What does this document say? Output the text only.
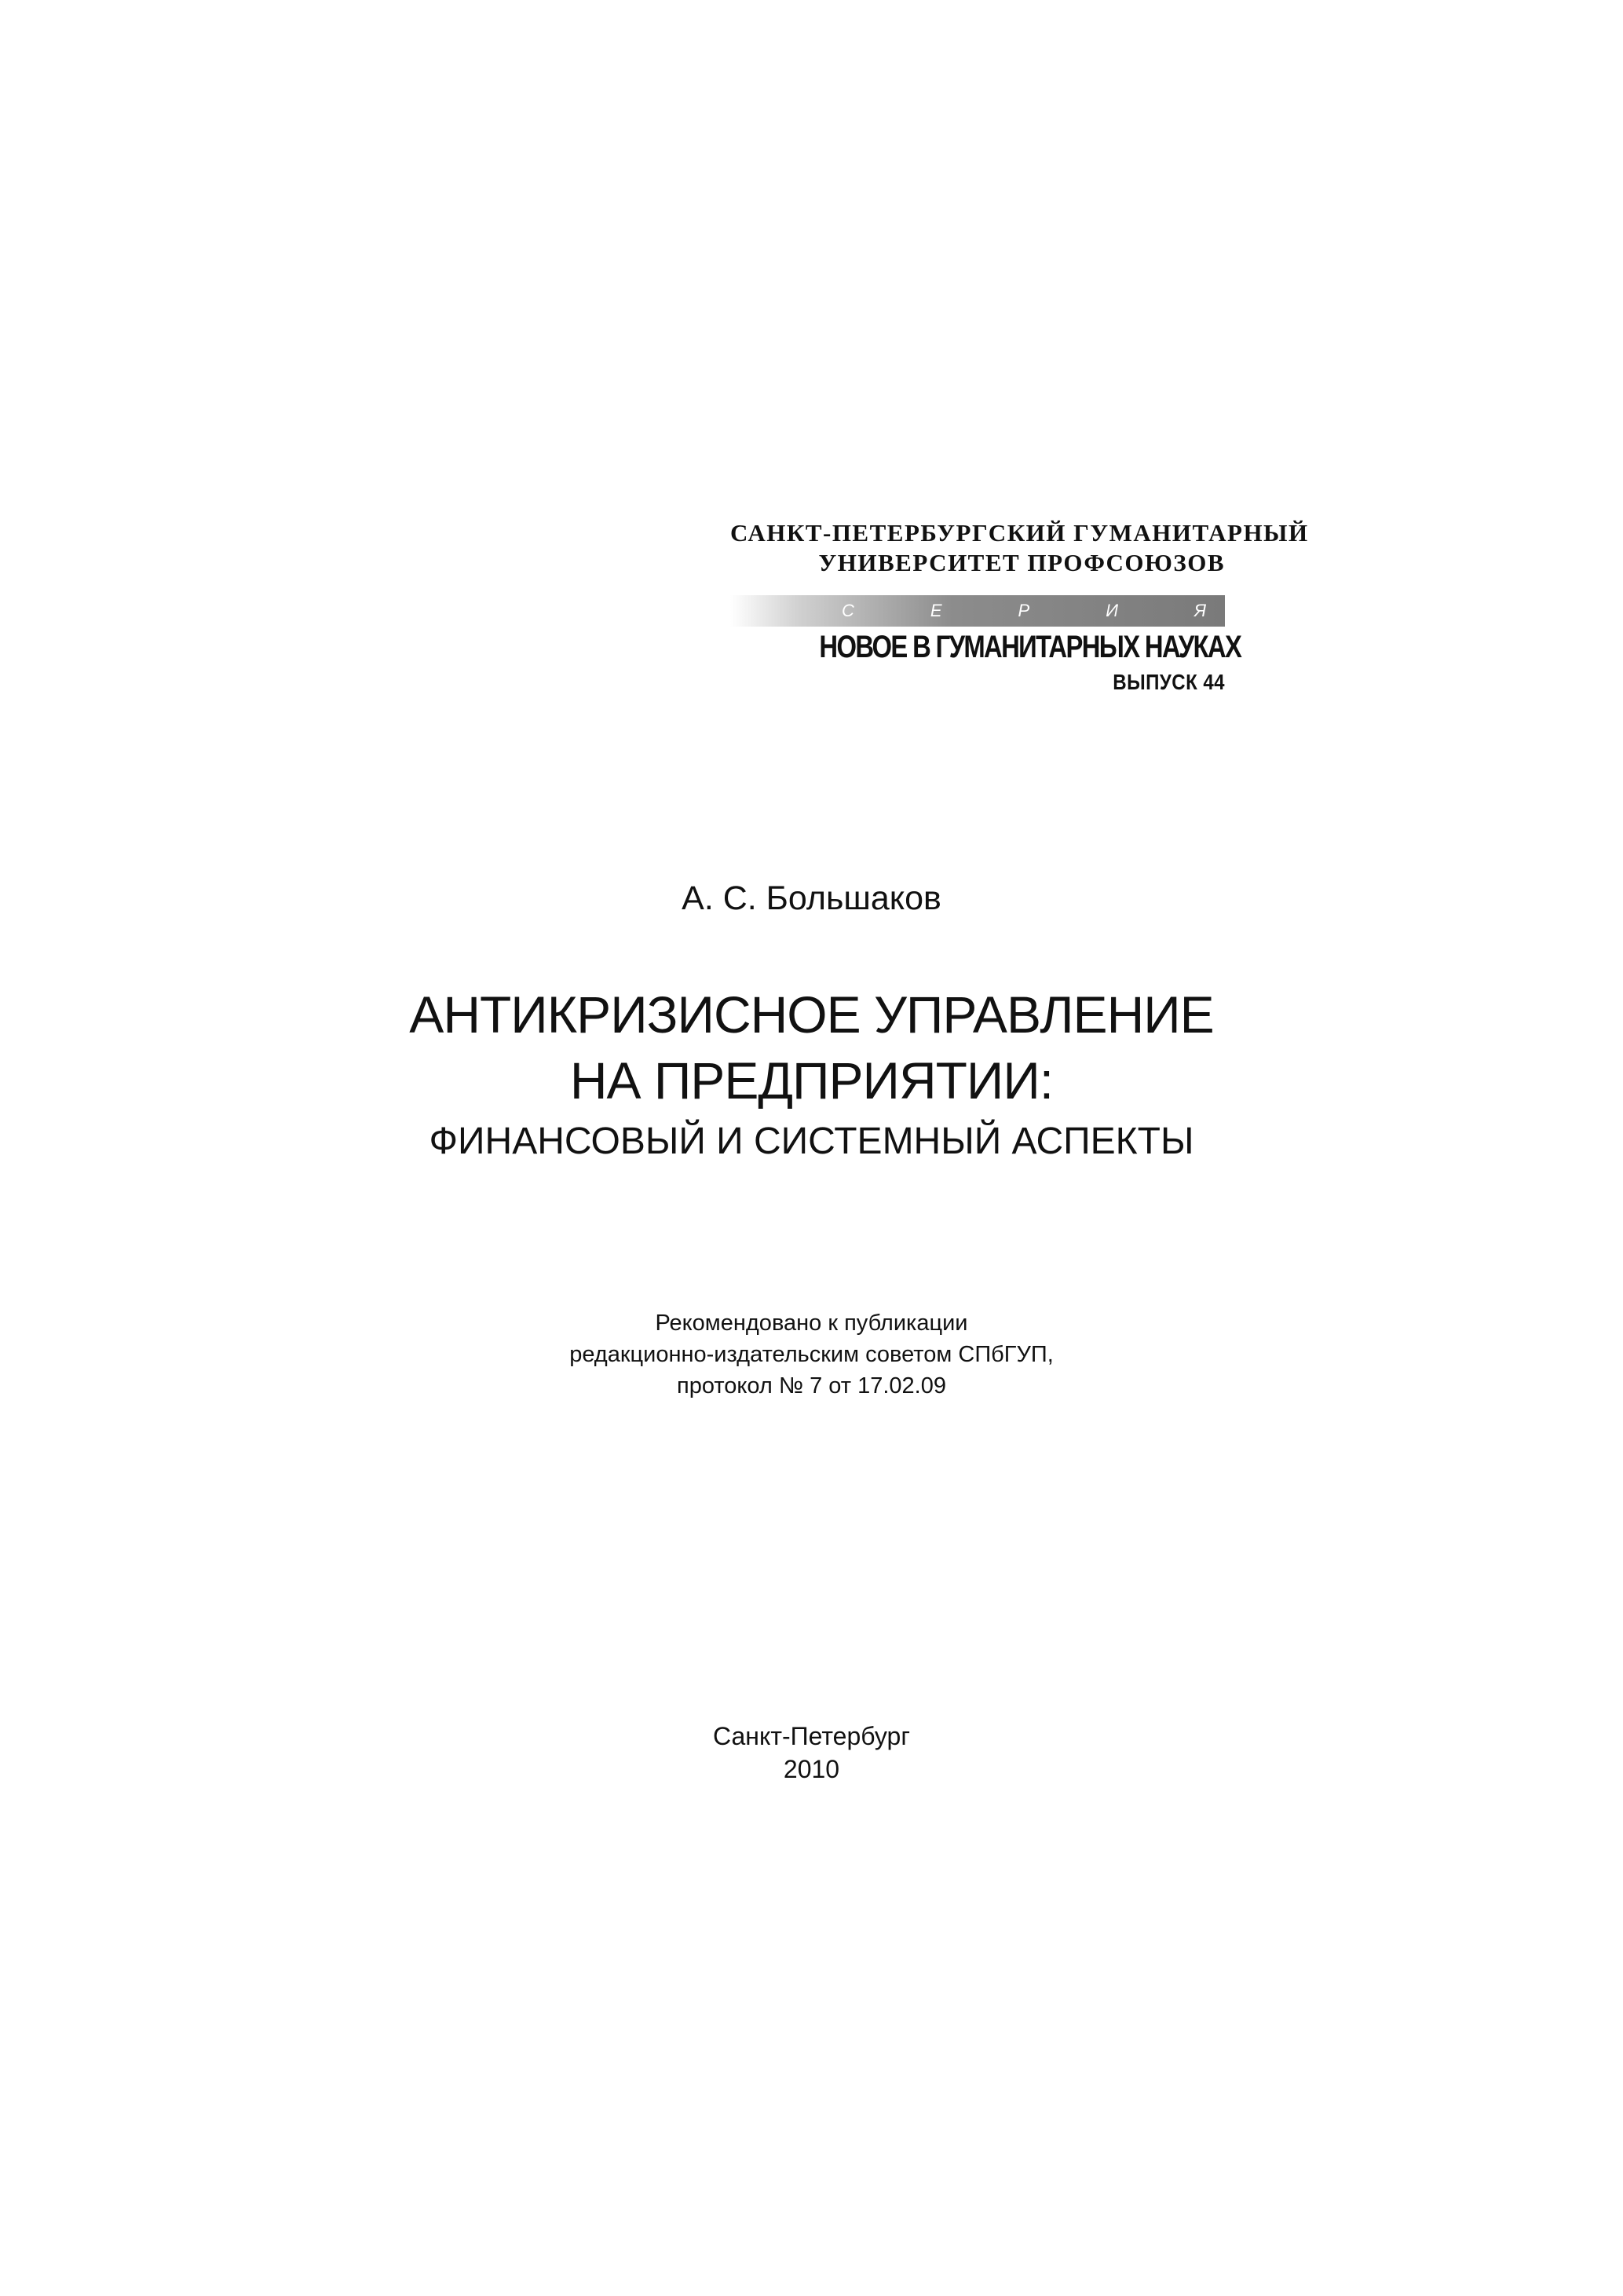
САНКТ-ПЕТЕРБУРГСКИЙ ГУМАНИТАРНЫЙ
УНИВЕРСИТЕТ ПРОФСОЮЗОВ
С	Е	Р	И	Я
НОВОЕ В ГУМАНИТАРНЫХ НАУКАХ
ВЫПУСК 44
А. С. Большаков
АНТИКРИЗИСНОЕ УПРАВЛЕНИЕ
НА ПРЕДПРИЯТИИ:
ФИНАНСОВЫЙ И СИСТЕМНЫЙ АСПЕКТЫ
Рекомендовано к публикации
редакционно-издательским советом СПбГУП,
протокол № 7 от 17.02.09
Санкт-Петербург
2010
